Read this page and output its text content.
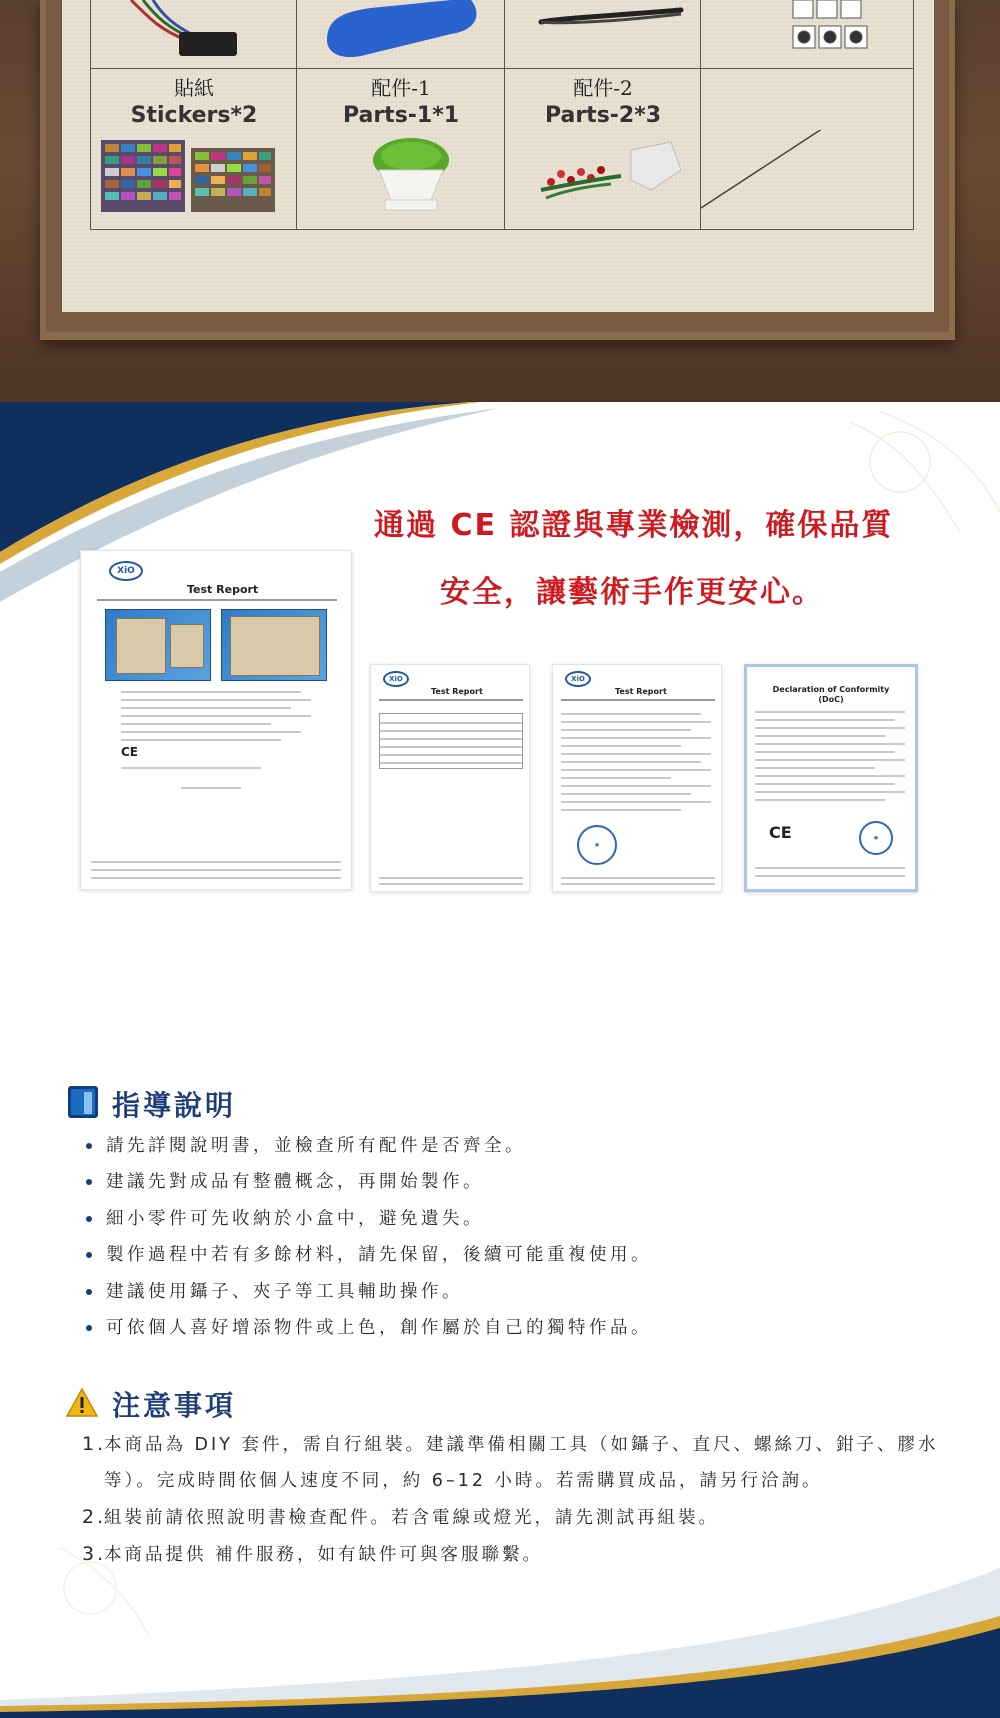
貼紙
Stickers*2
配件-1
Parts-1*1
配件-2
Parts-2*3
通過 CE 認證與專業檢測，確保品質
安全，讓藝術手作更安心。
XiO
Test Report
CE
XiO
Test Report
XiO
Test Report
★
Declaration of Conformity
(DoC)
CE	★
指導說明
請先詳閱說明書，並檢查所有配件是否齊全。
建議先對成品有整體概念，再開始製作。
細小零件可先收納於小盒中，避免遺失。
製作過程中若有多餘材料，請先保留，後續可能重複使用。
建議使用鑷子、夾子等工具輔助操作。
可依個人喜好增添物件或上色，創作屬於自己的獨特作品。
注意事項
1.本商品為 DIY 套件，需自行組裝。建議準備相關工具（如鑷子、直尺、螺絲刀、鉗子、膠水
等）。完成時間依個人速度不同，約 6–12 小時。若需購買成品，請另行洽詢。
2.組裝前請依照說明書檢查配件。若含電線或燈光，請先測試再組裝。
3.本商品提供 補件服務，如有缺件可與客服聯繫。
